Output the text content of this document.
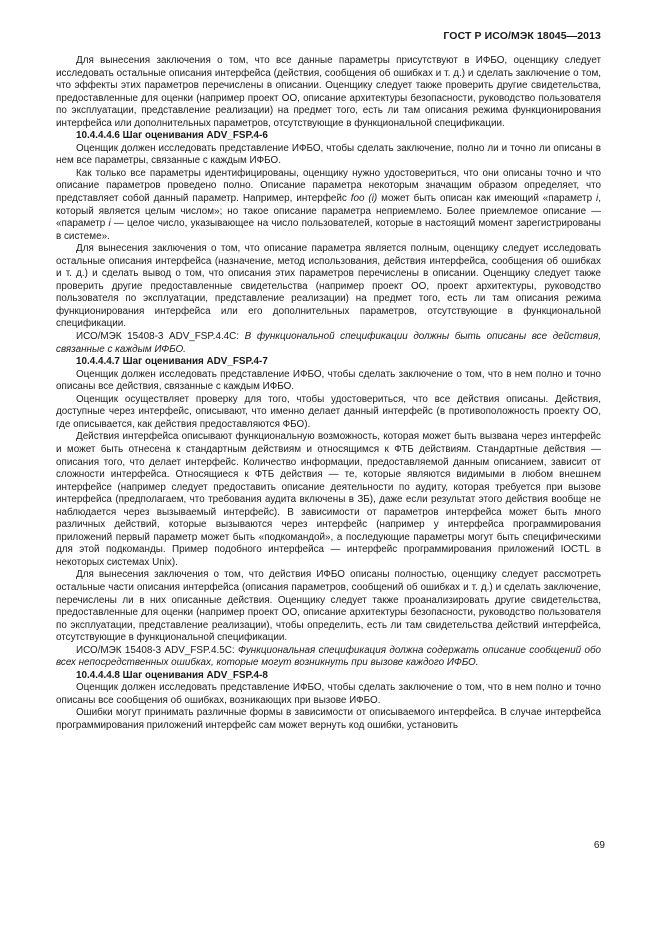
ГОСТ Р ИСО/МЭК 18045—2013

Для вынесения заключения о том, что все данные параметры присутствуют в ИФБО, оценщику следует исследовать остальные описания интерфейса (действия, сообщения об ошибках и т. д.) и сделать заключение о том, что эффекты этих параметров перечислены в описании. Оценщику следует также проверить другие свидетельства, предоставленные для оценки (например проект ОО, описание архитектуры безопасности, руководство пользователя по эксплуатации, представление реализации) на предмет того, есть ли там описания режима функционирования интерфейса или дополнительных параметров, отсутствующие в функциональной спецификации.

10.4.4.4.6 Шаг оценивания ADV_FSP.4-6

Оценщик должен исследовать представление ИФБО, чтобы сделать заключение, полно ли и точно ли описаны в нем все параметры, связанные с каждым ИФБО.

Как только все параметры идентифицированы, оценщику нужно удостовериться, что они описаны точно и что описание параметров проведено полно. Описание параметра некоторым значащим образом определяет, что представляет собой данный параметр. Например, интерфейс foo (i) может быть описан как имеющий «параметр i, который является целым числом»; но такое описание параметра неприемлемо. Более приемлемое описание — «параметр i — целое число, указывающее на число пользователей, которые в настоящий момент зарегистрированы в системе».

Для вынесения заключения о том, что описание параметра является полным, оценщику следует исследовать остальные описания интерфейса (назначение, метод использования, действия интерфейса, сообщения об ошибках и т. д.) и сделать вывод о том, что описания этих параметров перечислены в описании. Оценщику следует также проверить другие предоставленные свидетельства (например проект ОО, проект архитектуры, руководство пользователя по эксплуатации, представление реализации) на предмет того, есть ли там описания режима функционирования интерфейса или его дополнительных параметров, отсутствующие в функциональной спецификации.

ИСО/МЭК 15408-3 ADV_FSP.4.4C: В функциональной спецификации должны быть описаны все действия, связанные с каждым ИФБО.

10.4.4.4.7 Шаг оценивания ADV_FSP.4-7

Оценщик должен исследовать представление ИФБО, чтобы сделать заключение о том, что в нем полно и точно описаны все действия, связанные с каждым ИФБО.

Оценщик осуществляет проверку для того, чтобы удостовериться, что все действия описаны. Действия, доступные через интерфейс, описывают, что именно делает данный интерфейс (в противоположность проекту ОО, где описывается, как действия предоставляются ФБО).

Действия интерфейса описывают функциональную возможность, которая может быть вызвана через интерфейс и может быть отнесена к стандартным действиям и относящимся к ФТБ действиям. Стандартные действия — описания того, что делает интерфейс. Количество информации, предоставляемой данным описанием, зависит от сложности интерфейса. Относящиеся к ФТБ действия — те, которые являются видимыми в любом внешнем интерфейсе (например следует предоставить описание деятельности по аудиту, которая требуется при вызове интерфейса (предполагаем, что требования аудита включены в ЗБ), даже если результат этого действия вообще не наблюдается через вызываемый интерфейс). В зависимости от параметров интерфейса может быть много различных действий, которые вызываются через интерфейс (например у интерфейса программирования приложений первый параметр может быть «подкомандой», а последующие параметры могут быть специфическими для этой подкоманды. Пример подобного интерфейса — интерфейс программирования приложений IOCTL в некоторых системах Unix).

Для вынесения заключения о том, что действия ИФБО описаны полностью, оценщику следует рассмотреть остальные части описания интерфейса (описания параметров, сообщений об ошибках и т. д.) и сделать заключение, перечислены ли в них описанные действия. Оценщику следует также проанализировать другие свидетельства, предоставленные для оценки (например проект ОО, описание архитектуры безопасности, руководство пользователя по эксплуатации, представление реализации), чтобы определить, есть ли там свидетельства действий интерфейса, отсутствующие в функциональной спецификации.

ИСО/МЭК 15408-3 ADV_FSP.4.5C: Функциональная спецификация должна содержать описание сообщений обо всех непосредственных ошибках, которые могут возникнуть при вызове каждого ИФБО.

10.4.4.4.8 Шаг оценивания ADV_FSP.4-8

Оценщик должен исследовать представление ИФБО, чтобы сделать заключение о том, что в нем полно и точно описаны все сообщения об ошибках, возникающих при вызове ИФБО.

Ошибки могут принимать различные формы в зависимости от описываемого интерфейса. В случае интерфейса программирования приложений интерфейс сам может вернуть код ошибки, установить

69
